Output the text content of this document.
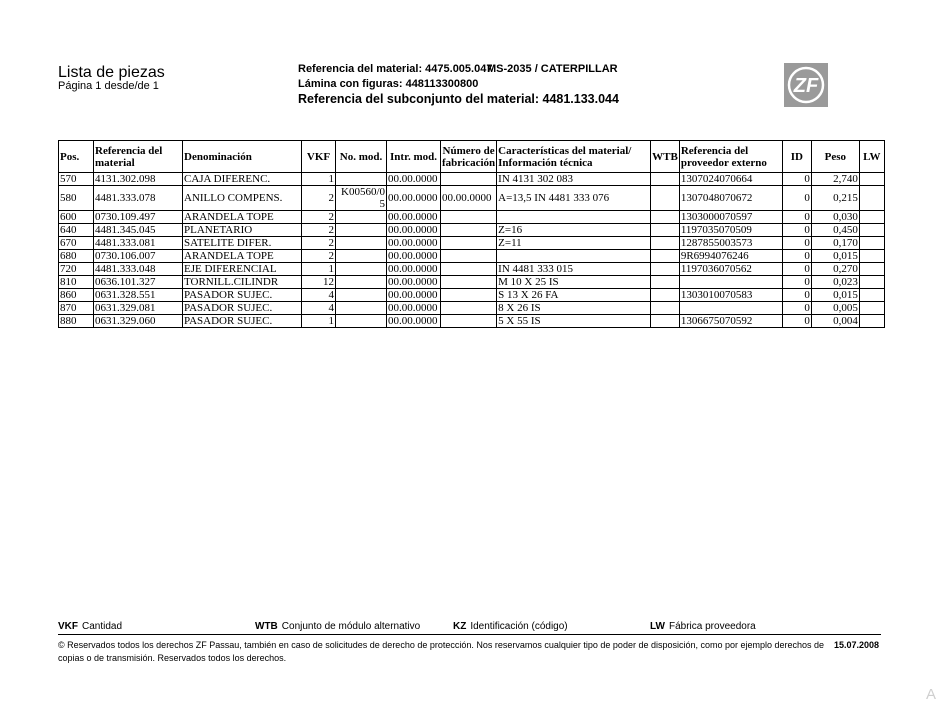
Lista de piezas
Página 1 desde/de 1
Referencia del material: 4475.005.047
MS-2035 / CATERPILLAR
Lámina con figuras: 448113300800
Referencia del subconjunto del material: 4481.133.044
ZF
Pos.	Referencia del material	Denominación	VKF	No. mod.	Intr. mod.	Número de fabricación	Características del material/ Información técnica	WTB	Referencia del proveedor externo	ID	Peso	LW
570	4131.302.098	CAJA DIFERENC.	1		00.00.0000		IN 4131 302 083		1307024070664	0	2,740	
580	4481.333.078	ANILLO COMPENS.	2	K00560/05	00.00.0000	00.00.0000	A=13,5 IN 4481 333 076		1307048070672	0	0,215	
600	0730.109.497	ARANDELA TOPE	2		00.00.0000				1303000070597	0	0,030	
640	4481.345.045	PLANETARIO	2		00.00.0000		Z=16		1197035070509	0	0,450	
670	4481.333.081	SATELITE DIFER.	2		00.00.0000		Z=11		1287855003573	0	0,170	
680	0730.106.007	ARANDELA TOPE	2		00.00.0000				9R6994076246	0	0,015	
720	4481.333.048	EJE DIFERENCIAL	1		00.00.0000		IN 4481 333 015		1197036070562	0	0,270	
810	0636.101.327	TORNILL.CILINDR	12		00.00.0000		M 10 X 25 IS			0	0,023	
860	0631.328.551	PASADOR SUJEC.	4		00.00.0000		S 13 X 26 FA		1303010070583	0	0,015	
870	0631.329.081	PASADOR SUJEC.	4		00.00.0000		8 X 26 IS			0	0,005	
880	0631.329.060	PASADOR SUJEC.	1		00.00.0000		5 X 55 IS		1306675070592	0	0,004	
VKF Cantidad	WTB Conjunto de módulo alternativo	KZ Identificación (código)	LW Fábrica proveedora
© Reservados todos los derechos ZF Passau, también en caso de solicitudes de derecho de protección. Nos reservamos cualquier tipo de poder de disposición, como por ejemplo derechos de copias o de transmisión. Reservados todos los derechos.
15.07.2008
A
